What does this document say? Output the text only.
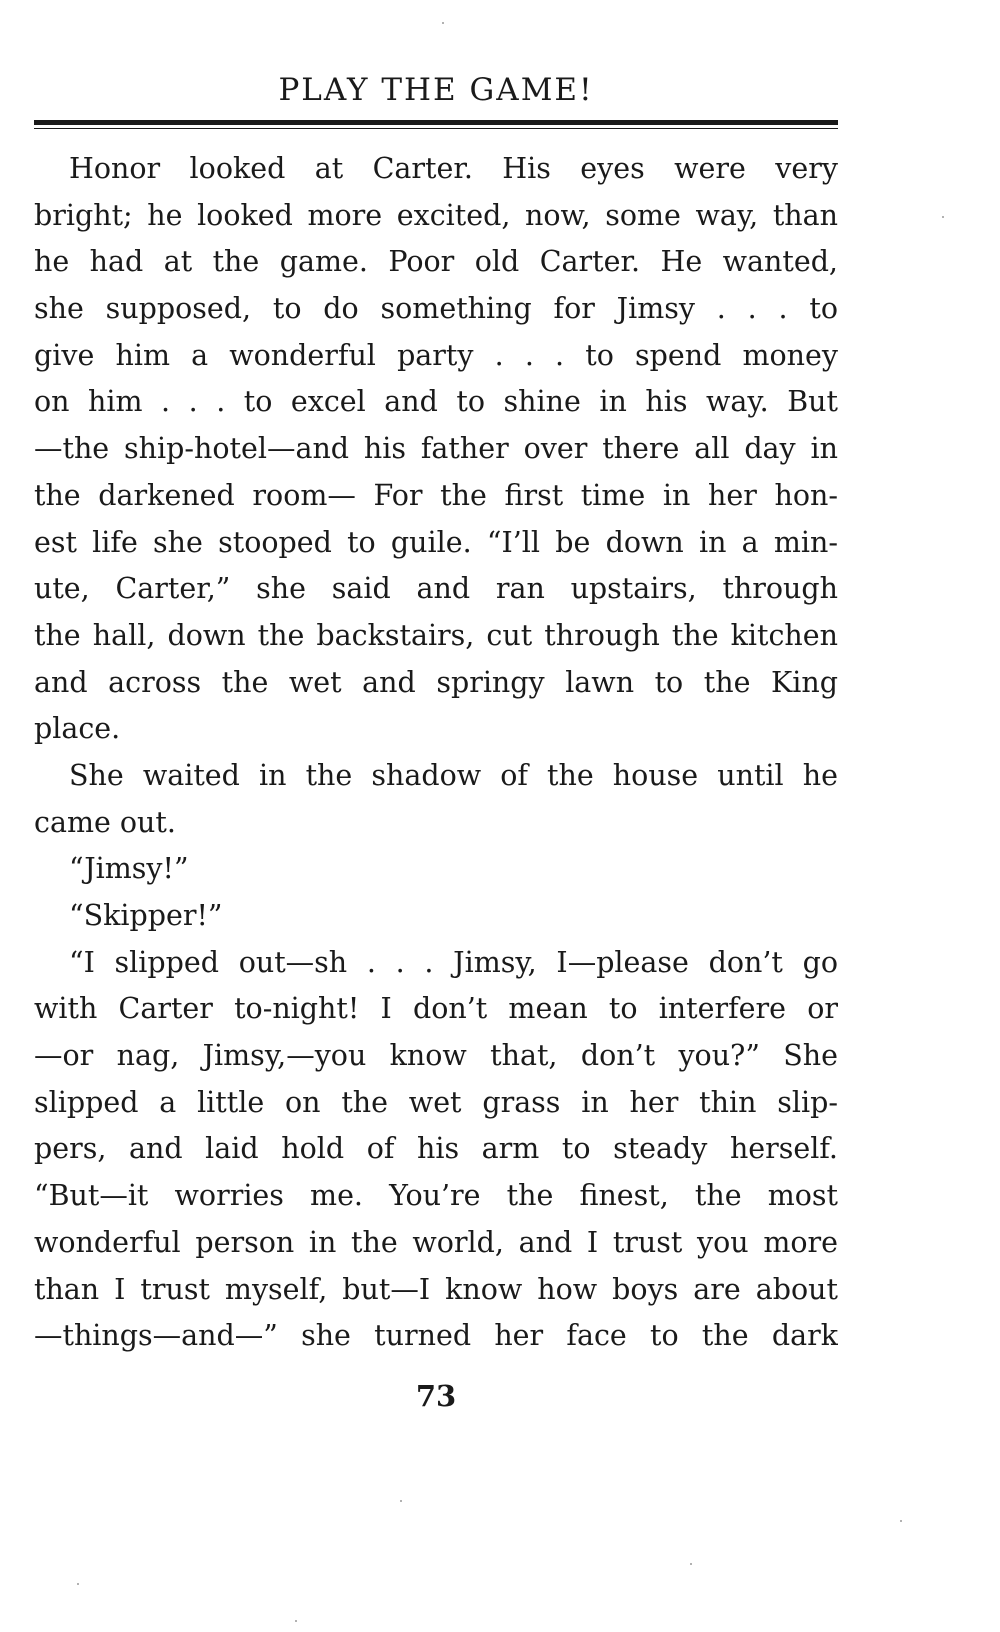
PLAY THE GAME!
Honor looked at Carter. His eyes were very
bright; he looked more excited, now, some way, than
he had at the game. Poor old Carter. He wanted,
she supposed, to do something for Jimsy . . . to
give him a wonderful party . . . to spend money
on him . . . to excel and to shine in his way. But
—the ship-hotel—and his father over there all day in
the darkened room— For the first time in her hon-
est life she stooped to guile. “I’ll be down in a min-
ute, Carter,” she said and ran upstairs, through
the hall, down the backstairs, cut through the kitchen
and across the wet and springy lawn to the King
place.
She waited in the shadow of the house until he
came out.
“Jimsy!”
“Skipper!”
“I slipped out—sh . . . Jimsy, I—please don’t go
with Carter to-night! I don’t mean to interfere or
—or nag, Jimsy,—you know that, don’t you?” She
slipped a little on the wet grass in her thin slip-
pers, and laid hold of his arm to steady herself.
“But—it worries me. You’re the finest, the most
wonderful person in the world, and I trust you more
than I trust myself, but—I know how boys are about
—things—and—” she turned her face to the dark
73
